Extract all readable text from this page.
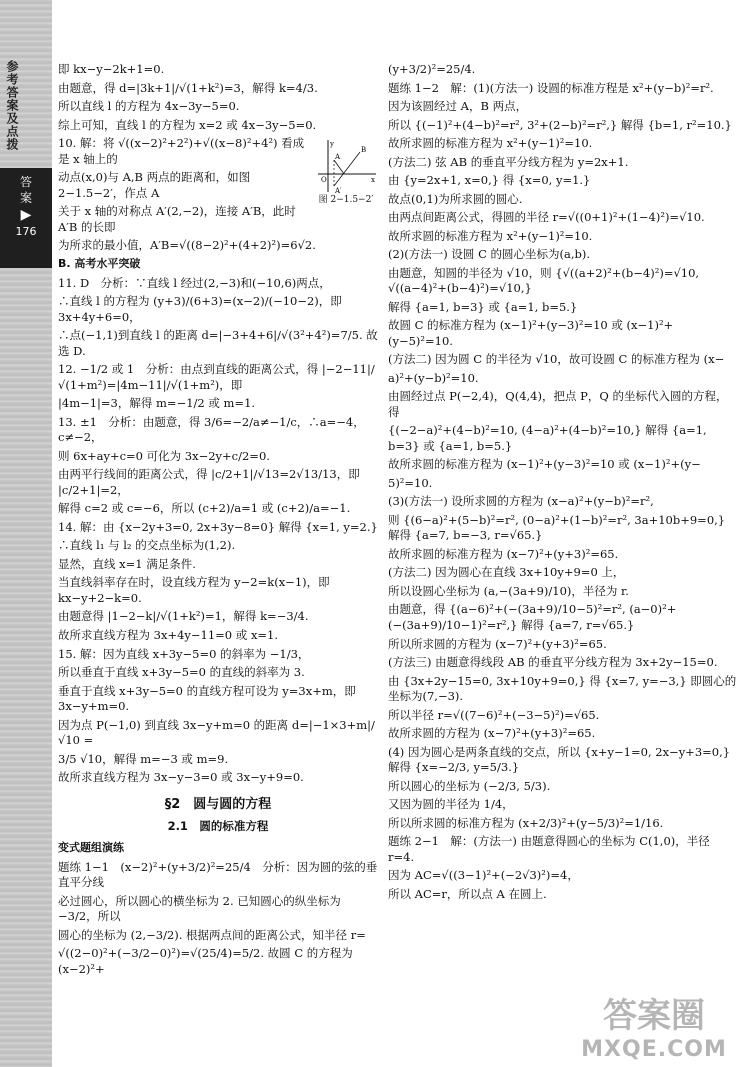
参考答案及点拨
答
案
▶
176

即 kx−y−2k+1=0.

由题意，得 d=|3k+1|/√(1+k²)=3，解得 k=4/3.

所以直线 l 的方程为 4x−3y−5=0.

综上可知，直线 l 的方程为 x=2 或 4x−3y−5=0.

y
A
B
O	x
A′
图 2−1.5−2′

10. 解：将 √((x−2)²+2²)+√((x−8)²+4²) 看成是 x 轴上的

动点(x,0)与 A,B 两点的距离和，如图 2−1.5−2′，作点 A

关于 x 轴的对称点 A′(2,−2)，连接 A′B，此时 A′B 的长即

为所求的最小值，A′B=√((8−2)²+(4+2)²)=6√2.

B. 高考水平突破

11. D　分析：∵直线 l 经过(2,−3)和(−10,6)两点，

∴直线 l 的方程为 (y+3)/(6+3)=(x−2)/(−10−2)，即 3x+4y+6=0，

∴点(−1,1)到直线 l 的距离 d=|−3+4+6|/√(3²+4²)=7/5. 故选 D.

12. −1/2 或 1　分析：由点到直线的距离公式，得 |−2−11|/√(1+m²)=|4m−11|/√(1+m²)，即

|4m−1|=3，解得 m=−1/2 或 m=1.

13. ±1　分析：由题意，得 3/6=−2/a≠−1/c，∴a=−4，c≠−2，

则 6x+ay+c=0 可化为 3x−2y+c/2=0.

由两平行线间的距离公式，得 |c/2+1|/√13=2√13/13，即 |c/2+1|=2，

解得 c=2 或 c=−6，所以 (c+2)/a=1 或 (c+2)/a=−1.

14. 解：由 {x−2y+3=0, 2x+3y−8=0} 解得 {x=1, y=2.}

∴直线 l₁ 与 l₂ 的交点坐标为(1,2).

显然，直线 x=1 满足条件.

当直线斜率存在时，设直线方程为 y−2=k(x−1)，即 kx−y+2−k=0.

由题意得 |1−2−k|/√(1+k²)=1，解得 k=−3/4.

故所求直线方程为 3x+4y−11=0 或 x=1.

15. 解：因为直线 x+3y−5=0 的斜率为 −1/3，

所以垂直于直线 x+3y−5=0 的直线的斜率为 3.

垂直于直线 x+3y−5=0 的直线方程可设为 y=3x+m，即 3x−y+m=0.

因为点 P(−1,0) 到直线 3x−y+m=0 的距离 d=|−1×3+m|/√10 =

3/5 √10，解得 m=−3 或 m=9.

故所求直线方程为 3x−y−3=0 或 3x−y+9=0.

§2　圆与圆的方程
2.1　圆的标准方程
变式题组演练

题练 1−1　(x−2)²+(y+3/2)²=25/4　分析：因为圆的弦的垂直平分线

必过圆心，所以圆心的横坐标为 2. 已知圆心的纵坐标为 −3/2，所以

圆心的坐标为 (2,−3/2). 根据两点间的距离公式，知半径 r=

√((2−0)²+(−3/2−0)²)=√(25/4)=5/2. 故圆 C 的方程为 (x−2)²+

(y+3/2)²=25/4.

题练 1−2　解：(1)(方法一) 设圆的标准方程是 x²+(y−b)²=r².

因为该圆经过 A，B 两点，

所以 {(−1)²+(4−b)²=r², 3²+(2−b)²=r²,} 解得 {b=1, r²=10.}

故所求圆的标准方程为 x²+(y−1)²=10.

(方法二) 弦 AB 的垂直平分线方程为 y=2x+1.

由 {y=2x+1, x=0,} 得 {x=0, y=1.}

故点(0,1)为所求圆的圆心.

由两点间距离公式，得圆的半径 r=√((0+1)²+(1−4)²)=√10.

故所求圆的标准方程为 x²+(y−1)²=10.

(2)(方法一) 设圆 C 的圆心坐标为(a,b).

由题意，知圆的半径为 √10，则 {√((a+2)²+(b−4)²)=√10, √((a−4)²+(b−4)²)=√10,}

解得 {a=1, b=3} 或 {a=1, b=5.}

故圆 C 的标准方程为 (x−1)²+(y−3)²=10 或 (x−1)²+(y−5)²=10.

(方法二) 因为圆 C 的半径为 √10，故可设圆 C 的标准方程为 (x−

a)²+(y−b)²=10.

由圆经过点 P(−2,4)，Q(4,4)，把点 P，Q 的坐标代入圆的方程，得

{(−2−a)²+(4−b)²=10, (4−a)²+(4−b)²=10,} 解得 {a=1, b=3} 或 {a=1, b=5.}

故所求圆的标准方程为 (x−1)²+(y−3)²=10 或 (x−1)²+(y−

5)²=10.

(3)(方法一) 设所求圆的方程为 (x−a)²+(y−b)²=r²,

则 {(6−a)²+(5−b)²=r², (0−a)²+(1−b)²=r², 3a+10b+9=0,} 解得 {a=7, b=−3, r=√65.}

故所求圆的标准方程为 (x−7)²+(y+3)²=65.

(方法二) 因为圆心在直线 3x+10y+9=0 上，

所以设圆心坐标为 (a,−(3a+9)/10)，半径为 r.

由题意，得 {(a−6)²+(−(3a+9)/10−5)²=r², (a−0)²+(−(3a+9)/10−1)²=r²,} 解得 {a=7, r=√65.}

所以所求圆的方程为 (x−7)²+(y+3)²=65.

(方法三) 由题意得线段 AB 的垂直平分线方程为 3x+2y−15=0.

由 {3x+2y−15=0, 3x+10y+9=0,} 得 {x=7, y=−3,} 即圆心的坐标为(7,−3).

所以半径 r=√((7−6)²+(−3−5)²)=√65.

故所求圆的方程为 (x−7)²+(y+3)²=65.

(4) 因为圆心是两条直线的交点，所以 {x+y−1=0, 2x−y+3=0,} 解得 {x=−2/3, y=5/3.}

所以圆心的坐标为 (−2/3, 5/3).

又因为圆的半径为 1/4，

所以所求圆的标准方程为 (x+2/3)²+(y−5/3)²=1/16.

题练 2−1　解：(方法一) 由题意得圆心的坐标为 C(1,0)，半径 r=4.

因为 AC=√((3−1)²+(−2√3)²)=4，

所以 AC=r，所以点 A 在圆上.

答案圈
MXQE.COM
